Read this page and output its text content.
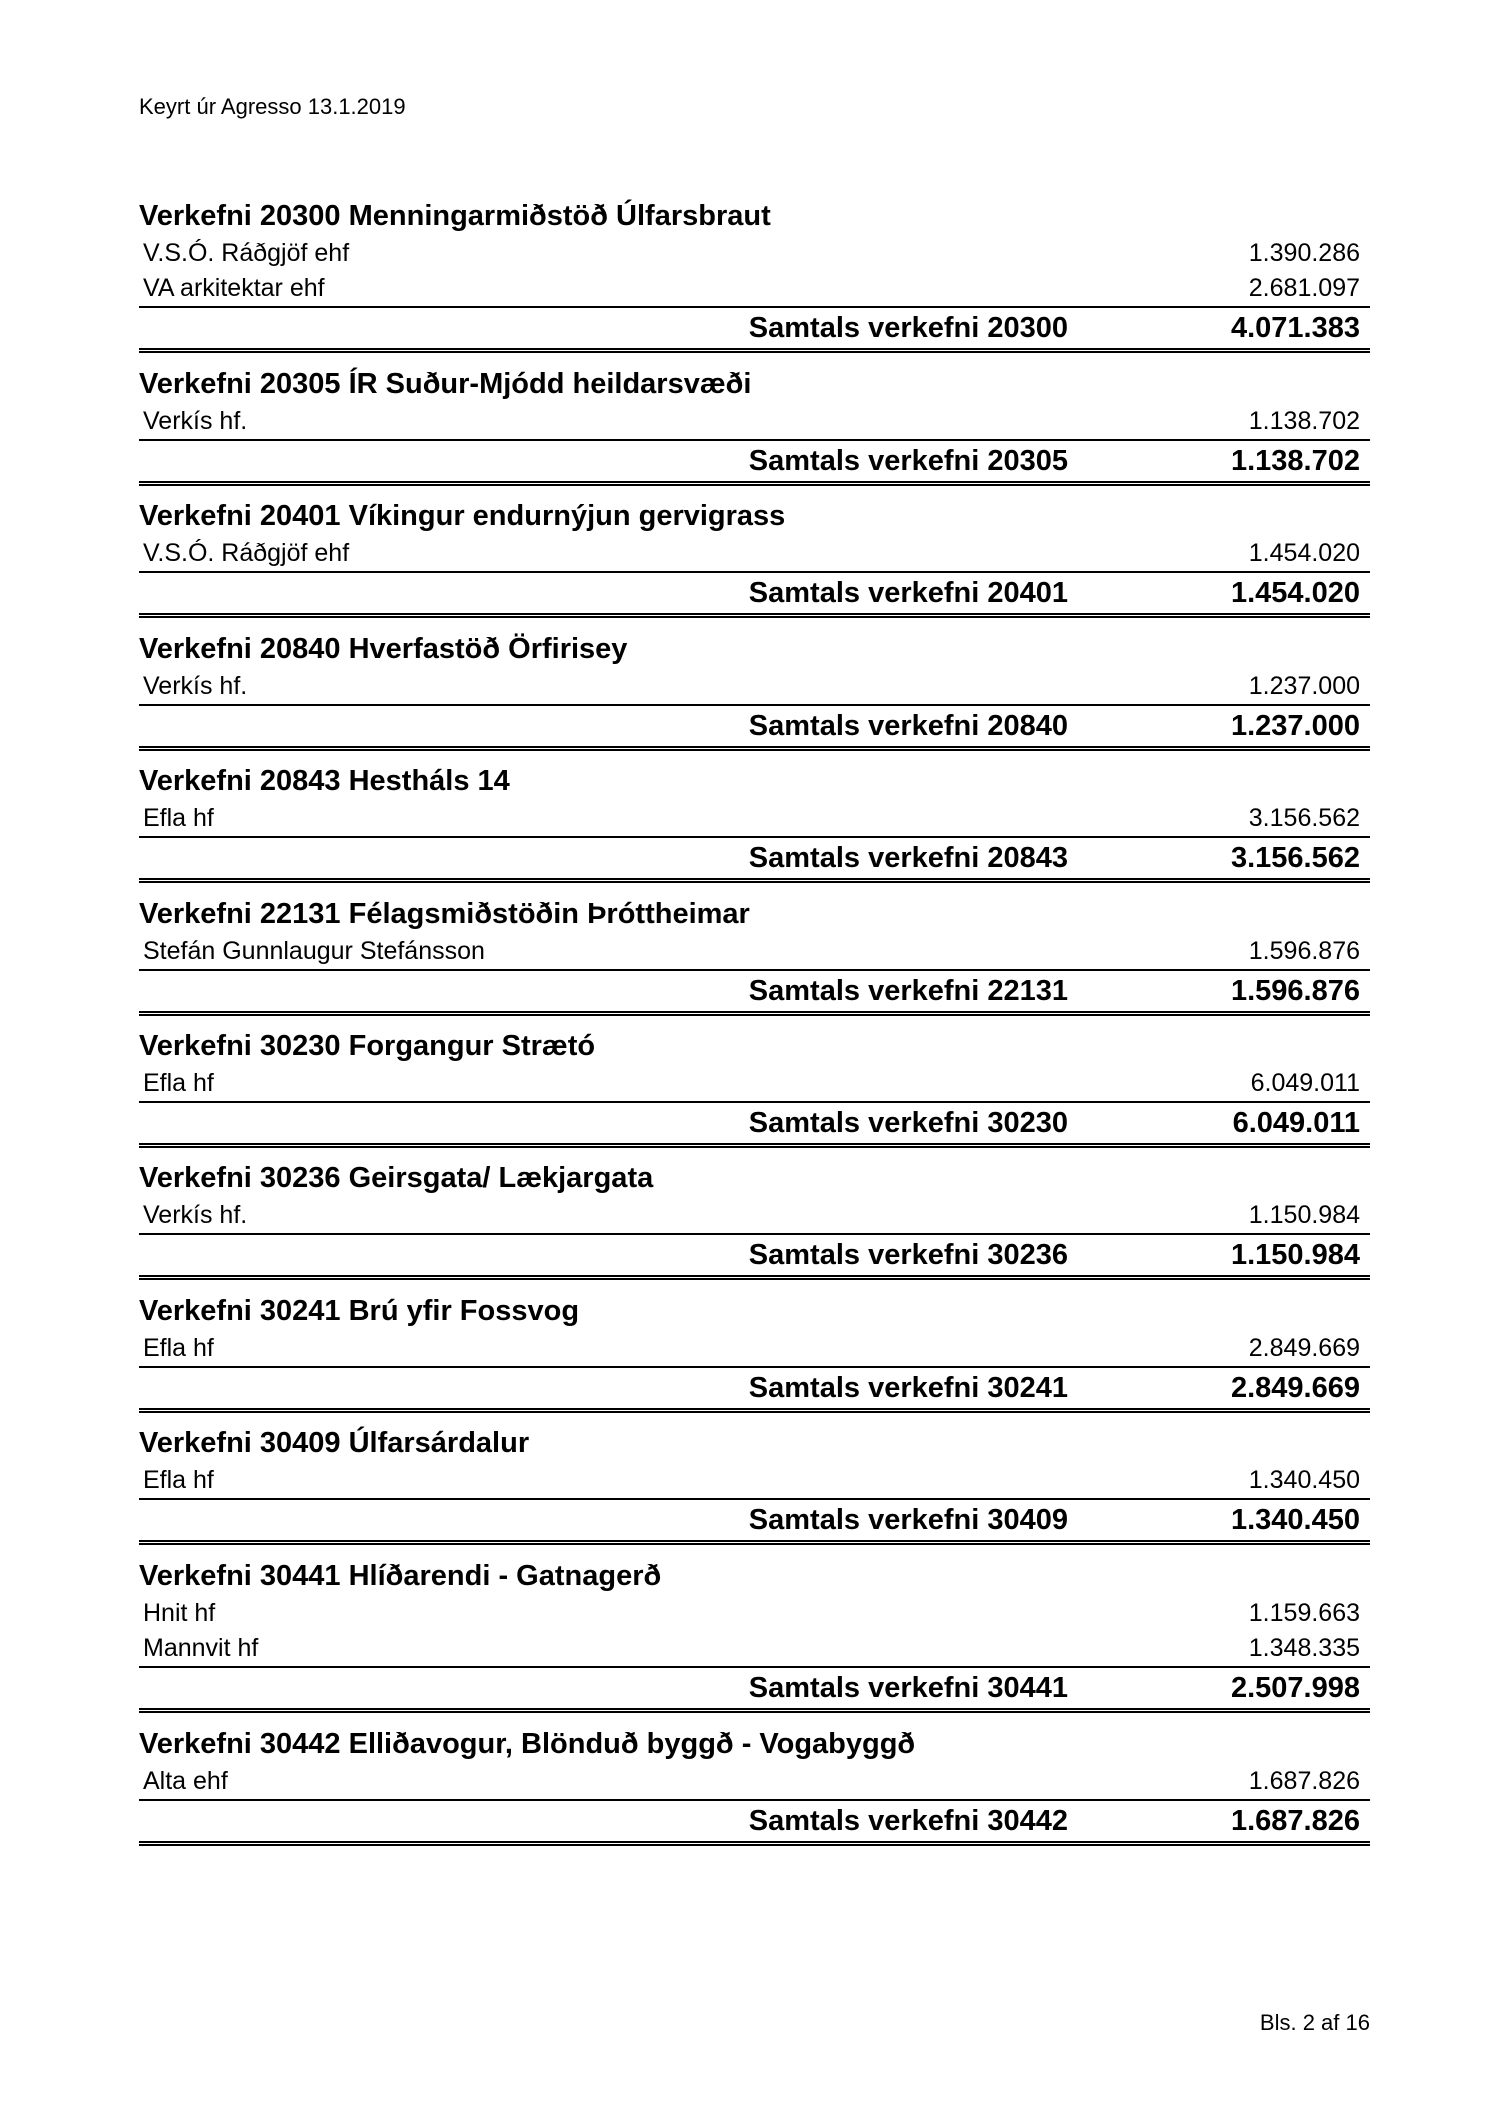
Keyrt úr Agresso 13.1.2019
Verkefni 20300 Menningarmiðstöð Úlfarsbraut
V.S.Ó. Ráðgjöf ehf	1.390.286
VA arkitektar ehf	2.681.097
Samtals verkefni 20300	4.071.383
Verkefni 20305 ÍR Suður-Mjódd heildarsvæði
Verkís hf.	1.138.702
Samtals verkefni 20305	1.138.702
Verkefni 20401 Víkingur endurnýjun gervigrass
V.S.Ó. Ráðgjöf ehf	1.454.020
Samtals verkefni 20401	1.454.020
Verkefni 20840 Hverfastöð Örfirisey
Verkís hf.	1.237.000
Samtals verkefni 20840	1.237.000
Verkefni 20843 Hestháls 14
Efla hf	3.156.562
Samtals verkefni 20843	3.156.562
Verkefni 22131 Félagsmiðstöðin Þróttheimar
Stefán Gunnlaugur Stefánsson	1.596.876
Samtals verkefni 22131	1.596.876
Verkefni 30230 Forgangur Strætó
Efla hf	6.049.011
Samtals verkefni 30230	6.049.011
Verkefni 30236 Geirsgata/ Lækjargata
Verkís hf.	1.150.984
Samtals verkefni 30236	1.150.984
Verkefni 30241 Brú yfir Fossvog
Efla hf	2.849.669
Samtals verkefni 30241	2.849.669
Verkefni 30409 Úlfarsárdalur
Efla hf	1.340.450
Samtals verkefni 30409	1.340.450
Verkefni 30441 Hlíðarendi - Gatnagerð
Hnit hf	1.159.663
Mannvit hf	1.348.335
Samtals verkefni 30441	2.507.998
Verkefni 30442 Elliðavogur, Blönduð byggð - Vogabyggð
Alta ehf	1.687.826
Samtals verkefni 30442	1.687.826
Bls. 2 af 16
